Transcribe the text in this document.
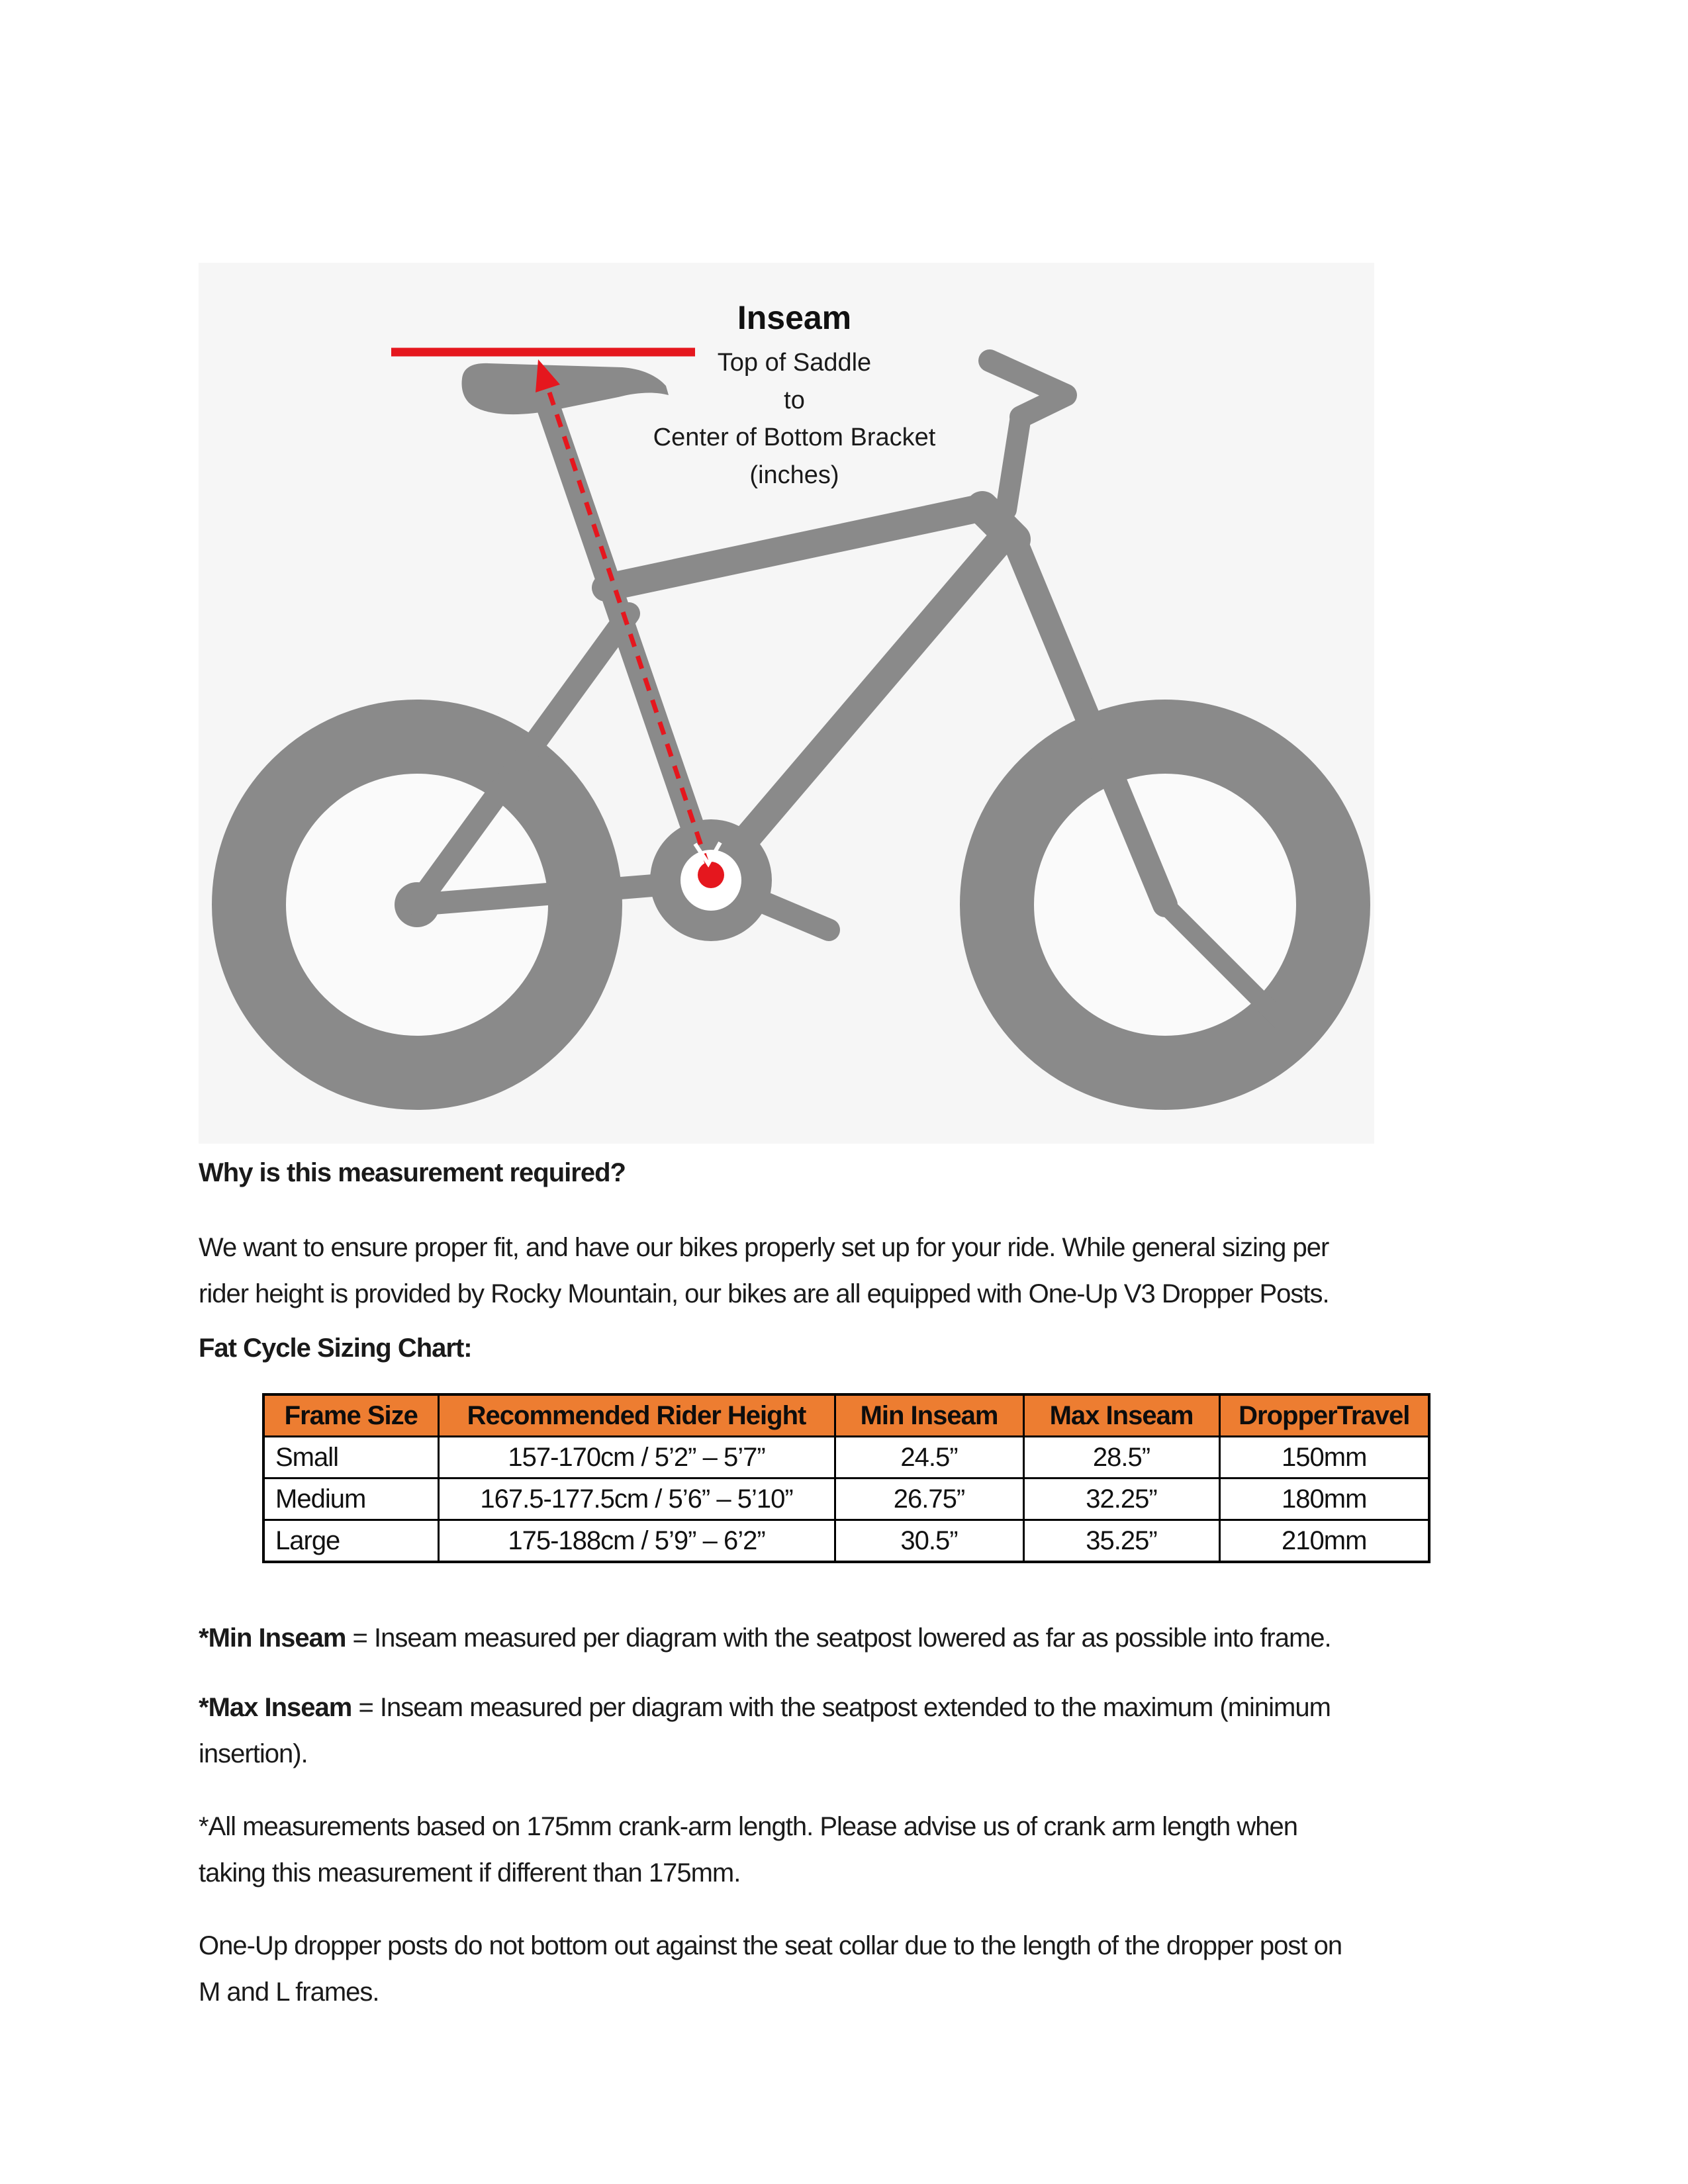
Inseam
Top of Saddle
to
Center of Bottom Bracket
(inches)
Why is this measurement required?
We want to ensure proper fit, and have our bikes properly set up for your ride. While general sizing per
rider height is provided by Rocky Mountain, our bikes are all equipped with One-Up V3 Dropper Posts.
Fat Cycle Sizing Chart:
Frame Size	Recommended Rider Height	Min Inseam	Max Inseam	DropperTravel
Small	157-170cm / 5’2” – 5’7”	24.5”	28.5”	150mm
Medium	167.5-177.5cm / 5’6” – 5’10”	26.75”	32.25”	180mm
Large	175-188cm / 5’9” – 6’2”	30.5”	35.25”	210mm
*Min Inseam = Inseam measured per diagram with the seatpost lowered as far as possible into frame.
*Max Inseam = Inseam measured per diagram with the seatpost extended to the maximum (minimum
insertion).
*All measurements based on 175mm crank-arm length. Please advise us of crank arm length when
taking this measurement if different than 175mm.
One-Up dropper posts do not bottom out against the seat collar due to the length of the dropper post on
M and L frames.
